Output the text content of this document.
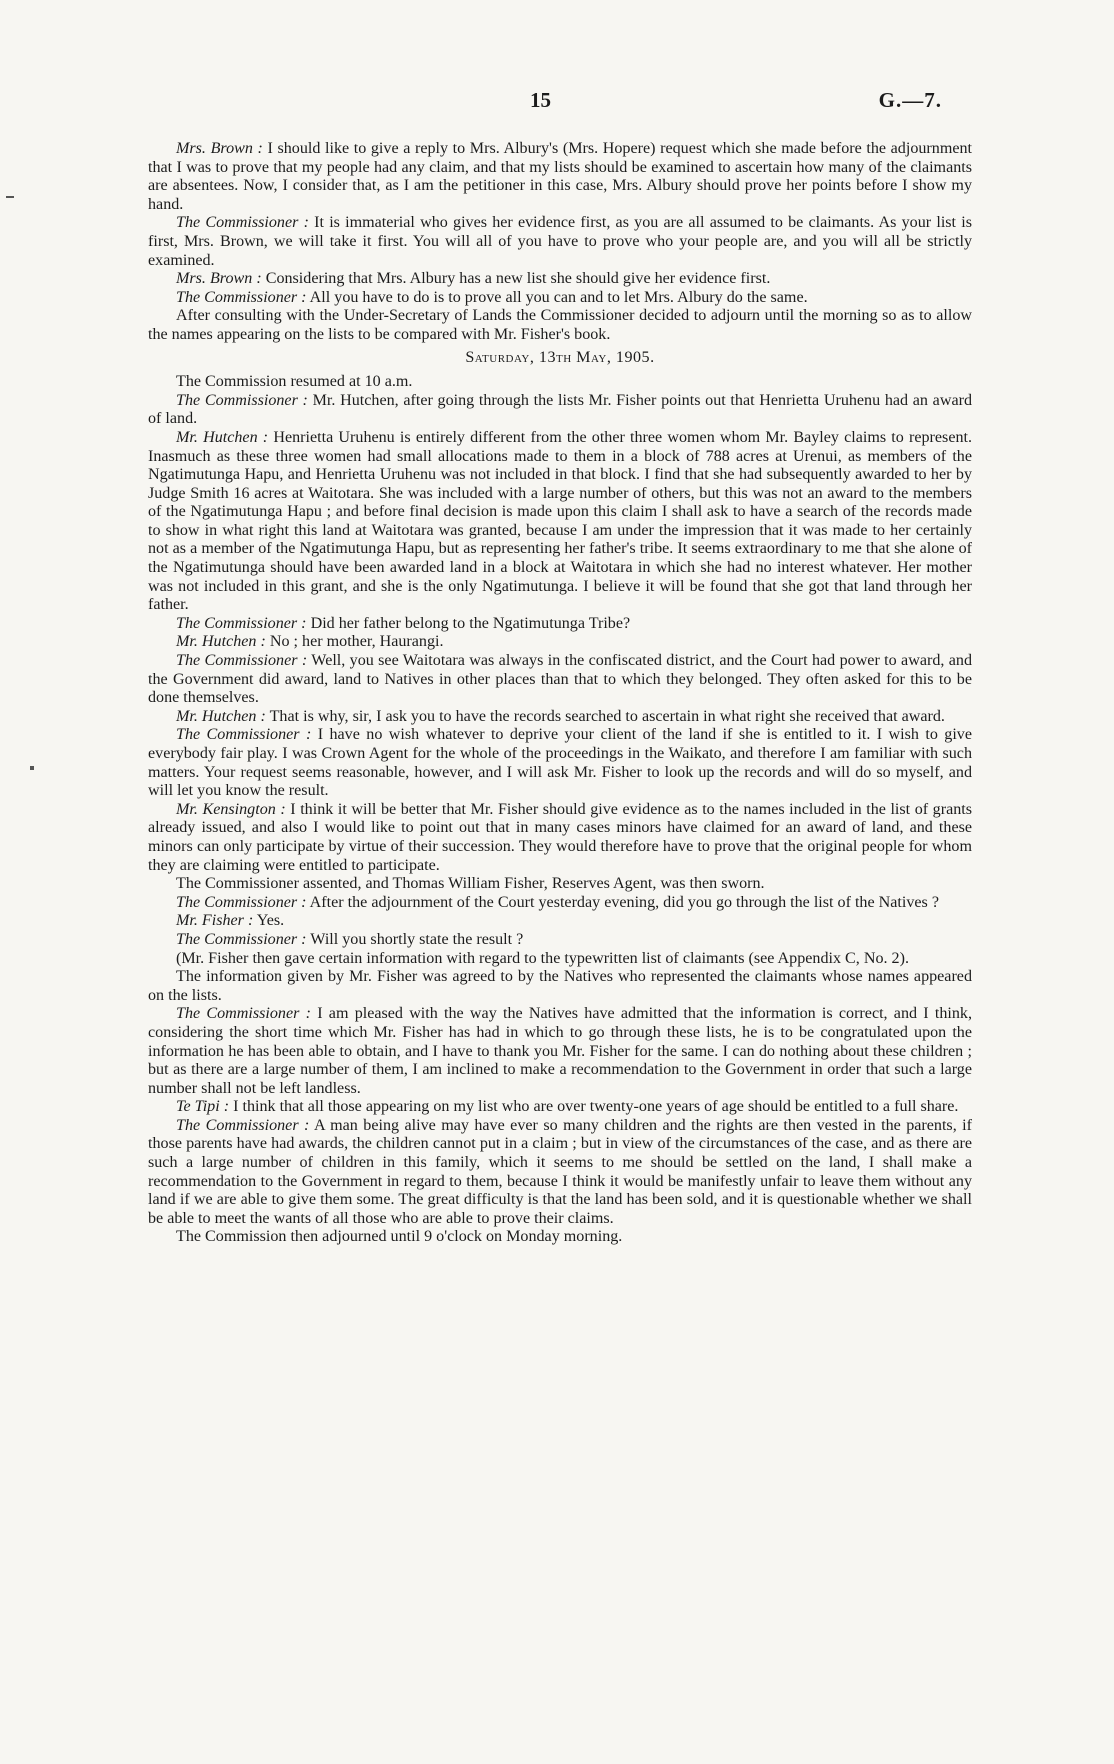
15	G.—7.

Mrs. Brown : I should like to give a reply to Mrs. Albury's (Mrs. Hopere) request which she made before the adjournment that I was to prove that my people had any claim, and that my lists should be examined to ascertain how many of the claimants are absentees. Now, I consider that, as I am the petitioner in this case, Mrs. Albury should prove her points before I show my hand.

The Commissioner : It is immaterial who gives her evidence first, as you are all assumed to be claimants. As your list is first, Mrs. Brown, we will take it first. You will all of you have to prove who your people are, and you will all be strictly examined.

Mrs. Brown : Considering that Mrs. Albury has a new list she should give her evidence first.

The Commissioner : All you have to do is to prove all you can and to let Mrs. Albury do the same.

After consulting with the Under-Secretary of Lands the Commissioner decided to adjourn until the morning so as to allow the names appearing on the lists to be compared with Mr. Fisher's book.

Saturday, 13th May, 1905.

The Commission resumed at 10 a.m.

The Commissioner : Mr. Hutchen, after going through the lists Mr. Fisher points out that Henrietta Uruhenu had an award of land.

Mr. Hutchen : Henrietta Uruhenu is entirely different from the other three women whom Mr. Bayley claims to represent. Inasmuch as these three women had small allocations made to them in a block of 788 acres at Urenui, as members of the Ngatimutunga Hapu, and Henrietta Uruhenu was not included in that block. I find that she had subsequently awarded to her by Judge Smith 16 acres at Waitotara. She was included with a large number of others, but this was not an award to the members of the Ngatimutunga Hapu ; and before final decision is made upon this claim I shall ask to have a search of the records made to show in what right this land at Waitotara was granted, because I am under the impression that it was made to her certainly not as a member of the Ngatimutunga Hapu, but as representing her father's tribe. It seems extraordinary to me that she alone of the Ngatimutunga should have been awarded land in a block at Waitotara in which she had no interest whatever. Her mother was not included in this grant, and she is the only Ngatimutunga. I believe it will be found that she got that land through her father.

The Commissioner : Did her father belong to the Ngatimutunga Tribe?

Mr. Hutchen : No ; her mother, Haurangi.

The Commissioner : Well, you see Waitotara was always in the confiscated district, and the Court had power to award, and the Government did award, land to Natives in other places than that to which they belonged. They often asked for this to be done themselves.

Mr. Hutchen : That is why, sir, I ask you to have the records searched to ascertain in what right she received that award.

The Commissioner : I have no wish whatever to deprive your client of the land if she is entitled to it. I wish to give everybody fair play. I was Crown Agent for the whole of the proceedings in the Waikato, and therefore I am familiar with such matters. Your request seems reasonable, however, and I will ask Mr. Fisher to look up the records and will do so myself, and will let you know the result.

Mr. Kensington : I think it will be better that Mr. Fisher should give evidence as to the names included in the list of grants already issued, and also I would like to point out that in many cases minors have claimed for an award of land, and these minors can only participate by virtue of their succession. They would therefore have to prove that the original people for whom they are claiming were entitled to participate.

The Commissioner assented, and Thomas William Fisher, Reserves Agent, was then sworn.

The Commissioner : After the adjournment of the Court yesterday evening, did you go through the list of the Natives ?

Mr. Fisher : Yes.

The Commissioner : Will you shortly state the result ?

(Mr. Fisher then gave certain information with regard to the typewritten list of claimants (see Appendix C, No. 2).

The information given by Mr. Fisher was agreed to by the Natives who represented the claimants whose names appeared on the lists.

The Commissioner : I am pleased with the way the Natives have admitted that the information is correct, and I think, considering the short time which Mr. Fisher has had in which to go through these lists, he is to be congratulated upon the information he has been able to obtain, and I have to thank you Mr. Fisher for the same. I can do nothing about these children ; but as there are a large number of them, I am inclined to make a recommendation to the Government in order that such a large number shall not be left landless.

Te Tipi : I think that all those appearing on my list who are over twenty-one years of age should be entitled to a full share.

The Commissioner : A man being alive may have ever so many children and the rights are then vested in the parents, if those parents have had awards, the children cannot put in a claim ; but in view of the circumstances of the case, and as there are such a large number of children in this family, which it seems to me should be settled on the land, I shall make a recommendation to the Government in regard to them, because I think it would be manifestly unfair to leave them without any land if we are able to give them some. The great difficulty is that the land has been sold, and it is questionable whether we shall be able to meet the wants of all those who are able to prove their claims.

The Commission then adjourned until 9 o'clock on Monday morning.
